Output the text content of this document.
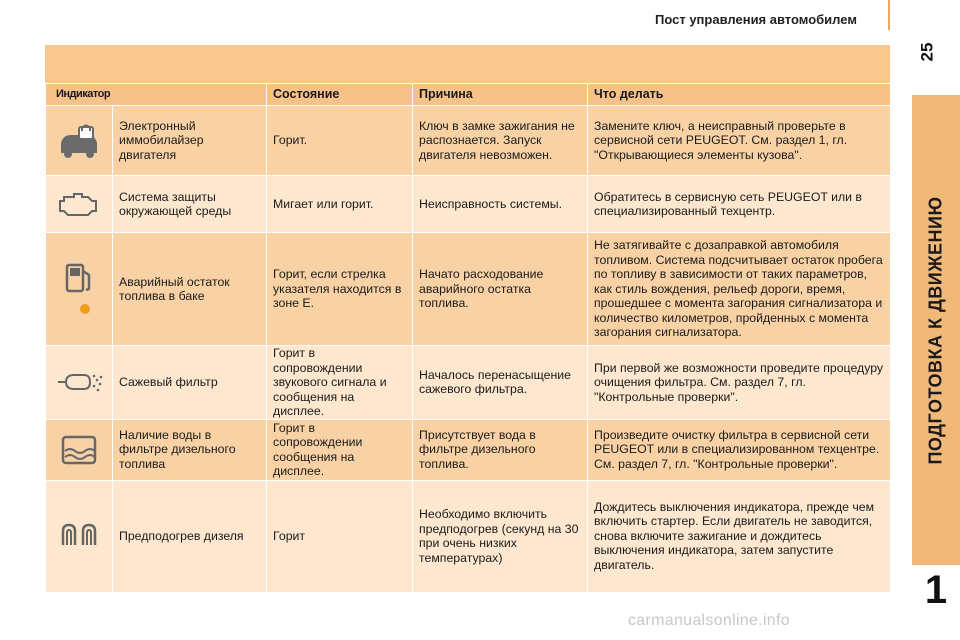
Пост управления автомобилем
25
ПОДГОТОВКА К ДВИЖЕНИЮ
1
Индикатор		Состояние	Причина	Что делать

	Электронный иммобилайзер двигателя	Горит.	Ключ в замке зажигания не распознается. Запуск двигателя невозможен.	Замените ключ, а неисправный проверьте в сервисной сети PEUGEOT. См. раздел 1, гл. "Открывающиеся элементы кузова".

	Система защиты окружающей среды	Мигает или горит.	Неисправность системы.	Обратитесь в сервисную сеть PEUGEOT или в специализированный техцентр.

	Аварийный остаток топлива в баке	Горит, если стрелка указателя находится в зоне E.	Начато расходование аварийного остатка топлива.	Не затягивайте с дозаправкой автомобиля топливом. Система подсчитывает остаток пробега по топливу в зависимости от таких параметров, как стиль вождения, рельеф дороги, время, прошедшее с момента загорания сигнализатора и количество километров, пройденных с момента загорания сигнализатора.

	Сажевый фильтр	Горит в сопровождении звукового сигнала и сообщения на дисплее.	Началось перенасыщение сажевого фильтра.	При первой же возможности проведите процедуру очищения фильтра. См. раздел 7, гл. "Контрольные проверки".

	Наличие воды в фильтре дизельного топлива	Горит в сопровождении сообщения на дисплее.	Присутствует вода в фильтре дизельного топлива.	Произведите очистку фильтра в сервисной сети PEUGEOT или в специализированном техцентре. См. раздел 7, гл. "Контрольные проверки".

	Предподогрев дизеля	Горит	Необходимо включить предподогрев (секунд на 30 при очень низких температурах)	Дождитесь выключения индикатора, прежде чем включить стартер. Если двигатель не заводится, снова включите зажигание и дождитесь выключения индикатора, затем запустите двигатель.
carmanualsonline.info
